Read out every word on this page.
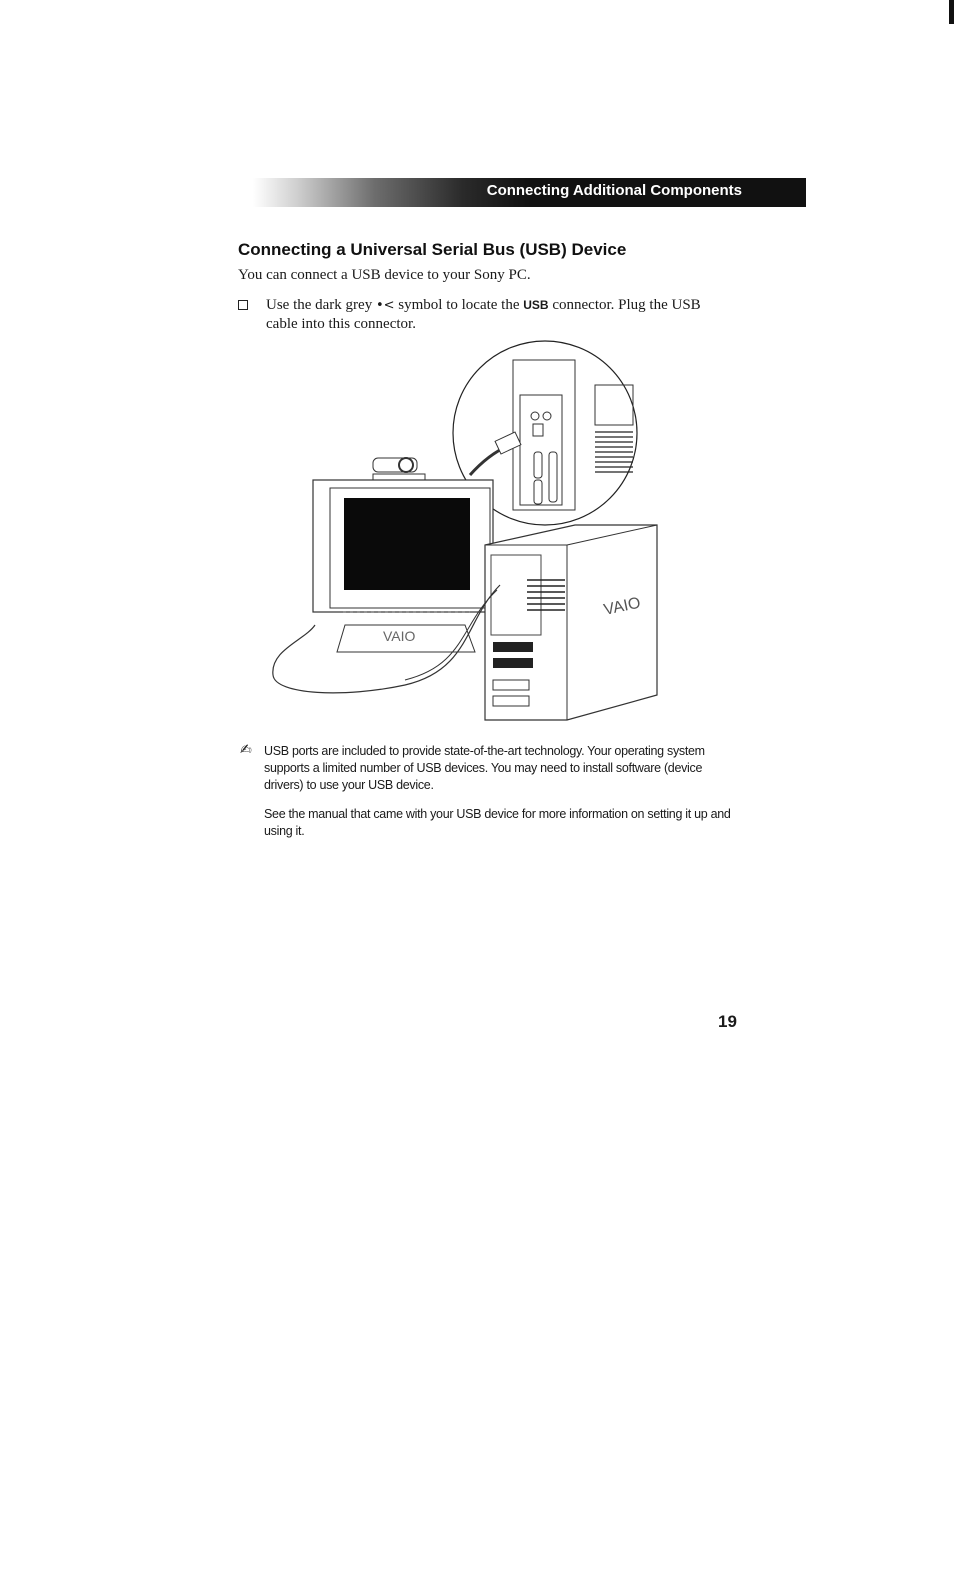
Connecting Additional Components
Connecting a Universal Serial Bus (USB) Device
You can connect a USB device to your Sony PC.
Use the dark grey •< symbol to locate the USB connector. Plug the USB cable into this connector.
VAIO
VAIO
✍ USB ports are included to provide state-of-the-art technology. Your operating system supports a limited number of USB devices. You may need to install software (device drivers) to use your USB device.
See the manual that came with your USB device for more information on setting it up and using it.
19
